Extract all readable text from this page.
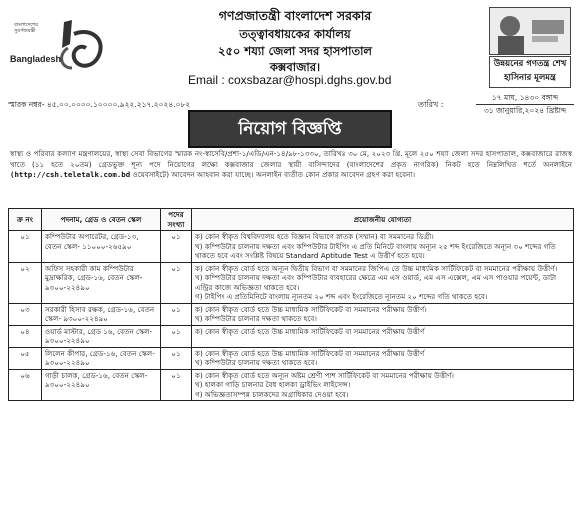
বাংলাদেশের সুবর্ণজয়ন্তী
Bangladesh
গণপ্রজাতন্ত্রী বাংলাদেশ সরকার
তত্ত্বাবধায়কের কার্যালয়
২৫০ শয্যা জেলা সদর হাসপাতাল
কক্সবাজার।
Email : coxsbazar@hospi.dghs.gov.bd
উন্নয়নের গণতন্ত্র শেখ হাসিনার মূলমন্ত্র
স্মারক নম্বর- ৪৫.০০.০০০০.১০০০০.৯২২.২১৭.২০২৪.০৮২	তারিখ :
১৭ মাঘ, ১৪৩০ বঙ্গাব্দ
৩১ জানুয়ারি,২০২৪ খ্রিষ্টাব্দ
নিয়োগ বিজ্ঞপ্তি
স্বাস্থ্য ও পরিবার কল্যাণ মন্ত্রণালয়ের, স্বাস্থ্য সেবা বিভাগের স্মারক নং-স্বাসেবি/প্রশা-১/এডি/এন-১৪/৯৮-১৩৩০, তারিখঃ ৩০ মে, ২০২৩ খ্রি. মূলে ২৫০ শয্যা জেলা সদর হাসপাতাল, কক্সবাজারে রাজস্ব খাতে (১১ হতে ২০তম) গ্রেডভুক্ত শূন্য পদে নিয়োগের লক্ষ্যে কক্সবাজার জেলার স্থায়ী বাসিন্দাদের (বাংলাদেশের প্রকৃত নাগরিক) নিকট হতে নিম্নলিখিত শর্তে অনলাইনে (http://csh.teletalk.com.bd ওয়েবসাইটে) আবেদন আহবান করা যাচ্ছে। অনলাইন ব্যতীত কোন প্রকার আবেদন গ্রহণ করা হবেনা।
ক্র নং	পদনাম, গ্রেড ও বেতন স্কেল	পদের সংখ্যা	প্রয়োজনীয় যোগ্যতা
০১	কম্পিউটার অপারেটর, গ্রেড-১৩, বেতন স্কেল- ১১০০০-২৬৫৯০	০১	ক) কোন স্বীকৃত বিশ্ববিদ্যালয় হতে বিজ্ঞান বিভাগে স্নাতক (সম্মান) বা সমমানের ডিগ্রী।

খ) কম্পিউটার চালনায় দক্ষতা এবং কম্পিউটার টাইপিং এ প্রতি মিনিটে বাংলায় অন্যূন ২৫ শব্দ ইংরেজিতে অন্যূন ৩০ শব্দের গতি থাকতে হবে এবং সংশ্লিষ্ট বিষয়ে Standard Aptitude Test এ উত্তীর্ণ হতে হবে।

০২	অফিস সহকারী কাম কম্পিউটার মুদ্রাক্ষরিক, গ্রেড-১৬, বেতন স্কেল- ৯৩০০-২২৪৯০	০১	ক) কোন স্বীকৃত বোর্ড হতে অন্যূন দ্বিতীয় বিভাগ বা সমমানের জিপিএ তে উচ্চ মাধ্যমিক সার্টিফিকেট বা সমমানের পরীক্ষায় উত্তীর্ণ।

খ) কম্পিউটার চালনায় দক্ষতা এবং কম্পিউটার ব্যবহারের ক্ষেত্রে এম এস ওয়ার্ড, এম এস এক্সেল, এম এস পাওয়ার পয়েন্ট, ডাটা এন্ট্রির কাজে অভিজ্ঞতা থাকতে হবে।

গ) টাইপিং এ প্রতিমিনিটে বাংলায় ন্যূনতম ২০ শব্দ এবং ইংরেজিতে ন্যূনতম ২০ শব্দের গতি থাকতে হবে।

০৩	সরকারী হিসাব রক্ষক, গ্রেড-১৬, বেতন স্কেল- ৯৩০০-২২৪৯০	০১	ক) কোন স্বীকৃত বোর্ড হতে উচ্চ মাধ্যমিক সার্টিফিকেট বা সমমানের পরীক্ষায় উত্তীর্ণ।

খ) কম্পিউটার চালনার দক্ষতা থাকতে হবে।

০৪	ওয়ার্ড মাস্টার, গ্রেড ১৬, বেতন স্কেল- ৯৩০০-২২৪৯০	০১	ক) কোন স্বীকৃত বোর্ড হতে উচ্চ মাধ্যমিক সার্টিফিকেট বা সমমানের পরীক্ষায় উত্তীর্ণ

০৫	লিলেন কীপার, গ্রেড-১৬, বেতন স্কেল- ৯৩০০-২২৪৯০	০১	ক) কোন স্বীকৃত বোর্ড হতে উচ্চ মাধ্যমিক সার্টিফিকেট বা সমমানের পরীক্ষায় উত্তীর্ণ

খ) কম্পিউটার চালনায় দক্ষতা থাকতে হবে।

০৬	গাড়ী চালক, গ্রেড-১৬, বেতন স্কেল- ৯৩০০-২২৪৯০	০১	ক) কোন স্বীকৃত বোর্ড হতে অন্যূন অষ্টম শ্রেণী পাশ সার্টিফিকেট বা সমমানের পরীক্ষায় উত্তীর্ণ।

খ) হালকা গাড়ি চালনার বৈধ হালকা ড্রাইভিং লাইসেন্স।

গ) অভিজ্ঞতাসম্পন্ন চালকদের অগ্রাধিকার দেওয়া হবে।
